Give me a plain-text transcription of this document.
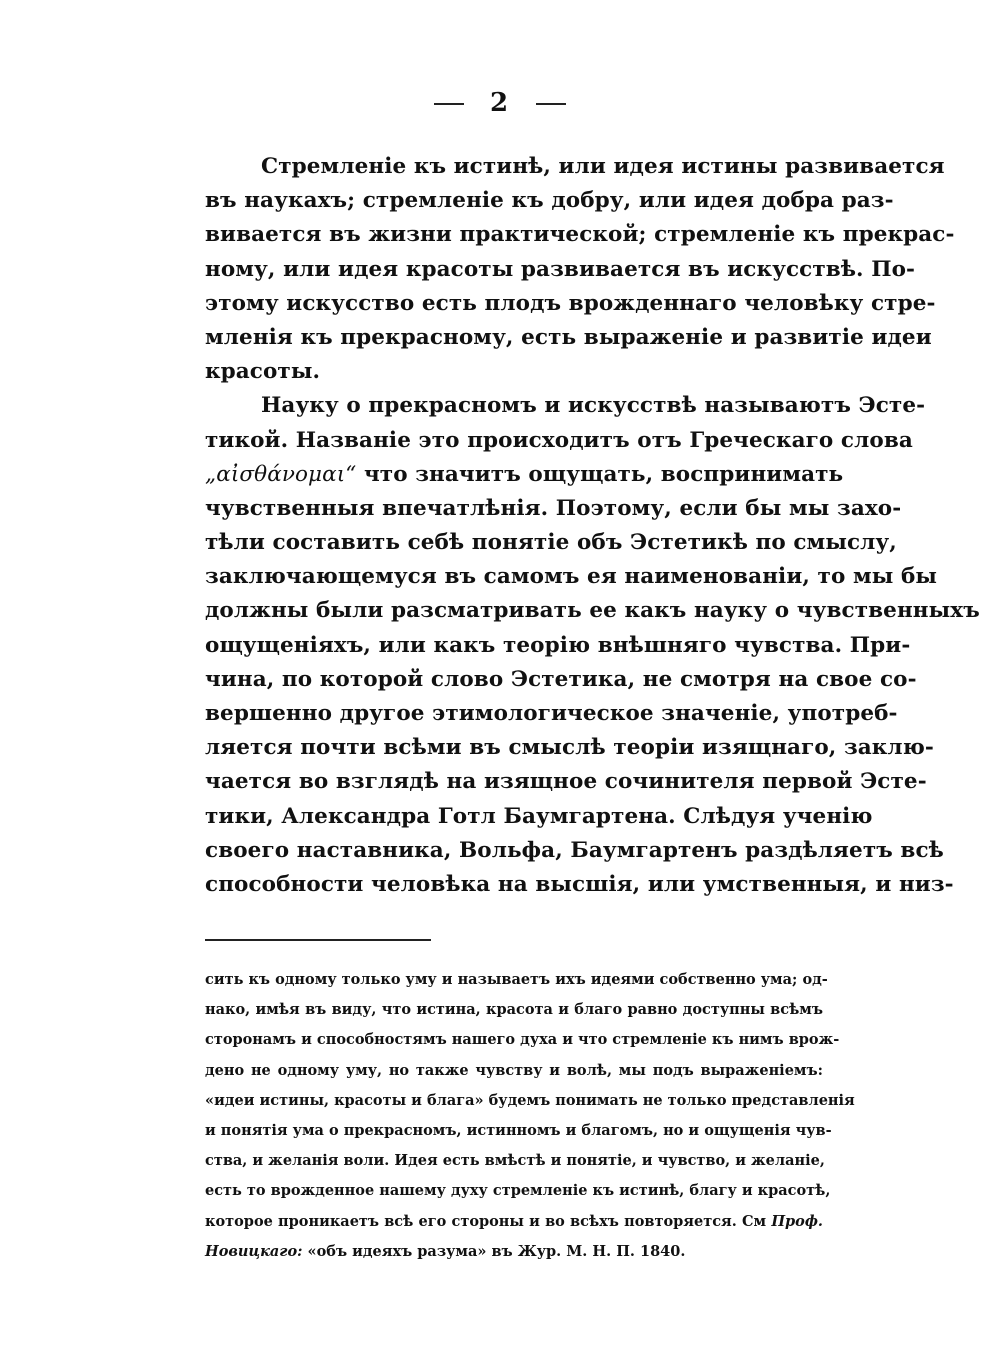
2
Стремленіе къ истинѣ, или идея истины развивается
въ наукахъ; стремленіе къ добру, или идея добра раз-
вивается въ жизни практической; стремленіе къ прекрас-
ному, или идея красоты развивается въ искусствѣ. По-
этому искусство есть плодъ врожденнаго человѣку стре-
мленія къ прекрасному, есть выраженіе и развитіе идеи
красоты.
Науку о прекрасномъ и искусствѣ называютъ Эсте-
тикой. Названіе это происходитъ отъ Греческаго слова
„αἰσθάνομαι“ что значитъ ощущать, воспринимать
чувственныя впечатлѣнія. Поэтому, если бы мы захо-
тѣли составить себѣ понятіе объ Эстетикѣ по смыслу,
заключающемуся въ самомъ ея наименованіи, то мы бы
должны были разсматривать ее какъ науку о чувственныхъ
ощущеніяхъ, или какъ теорію внѣшняго чувства. При-
чина, по которой слово Эстетика, не смотря на свое со-
вершенно другое этимологическое значеніе, употреб-
ляется почти всѣми въ смыслѣ теоріи изящнаго, заклю-
чается во взглядѣ на изящное сочинителя первой Эсте-
тики, Александра Готл Баумгартена. Слѣдуя ученію
своего наставника, Вольфа, Баумгартенъ раздѣляетъ всѣ
способности человѣка на высшія, или умственныя, и низ-
сить къ одному только уму и называетъ ихъ идеями собственно ума; од-
нако, имѣя въ виду, что истина, красота и благо равно доступны всѣмъ
сторонамъ и способностямъ нашего духа и что стремленіе къ нимъ врож-
дено не одному уму, но также чувству и волѣ, мы подъ выраженіемъ:
«идеи истины, красоты и блага» будемъ понимать не только представленія
и понятія ума о прекрасномъ, истинномъ и благомъ, но и ощущенія чув-
ства, и желанія воли. Идея есть вмѣстѣ и понятіе, и чувство, и желаніе,
есть то врожденное нашему духу стремленіе къ истинѣ, благу и красотѣ,
которое проникаетъ всѣ его стороны и во всѣхъ повторяется. См Проф.
Новицкаго: «объ идеяхъ разума» въ Жур. М. Н. П. 1840.
